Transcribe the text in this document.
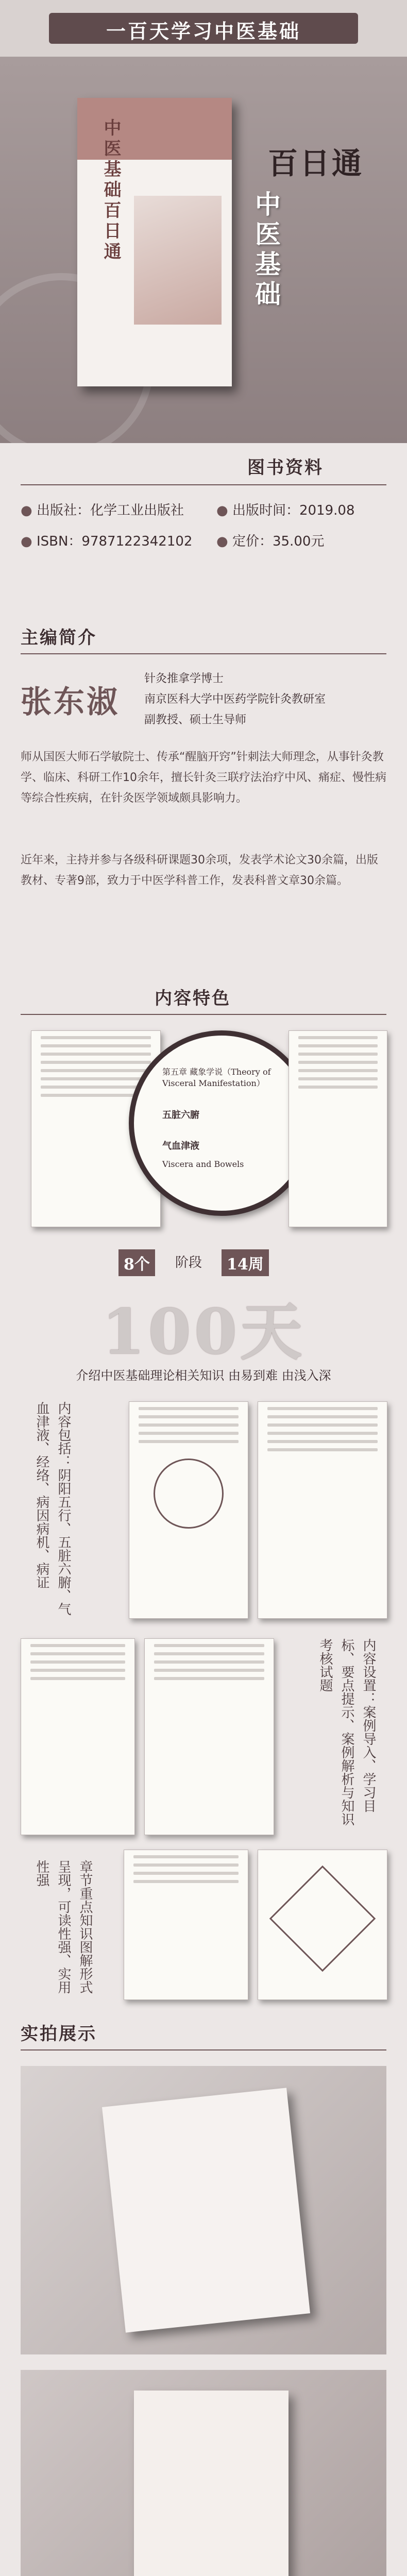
一百天学习中医基础
中医基础百日通	百日通
中医基础
图书资料
● 出版社：化学工业出版社 ● 出版时间：2019.08
● ISBN：9787122342102 ● 定价：35.00元
主编简介
张东淑
针灸推拿学博士
南京医科大学中医药学院针灸教研室
副教授、硕士生导师
师从国医大师石学敏院士、传承“醒脑开窍”针刺法大师理念，从事针灸教学、临床、科研工作10余年，擅长针灸三联疗法治疗中风、痛症、慢性病等综合性疾病，在针灸医学领域颇具影响力。
近年来，主持并参与各级科研课题30余项，发表学术论文30余篇，出版教材、专著9部，致力于中医学科普工作，发表科普文章30余篇。
内容特色
第五章 藏象学说（Theory of Visceral Manifestation）
五脏六腑
气血津液
Viscera and Bowels
8个	阶段	14周
100天
介绍中医基础理论相关知识 由易到难 由浅入深
内容包括：阴阳五行、五脏六腑、气血津液、经络、病因病机、病证
内容设置：案例导入、学习目标、要点提示、案例解析与知识考核试题
章节重点知识图解形式呈现，可读性强、实用性强
实拍展示
